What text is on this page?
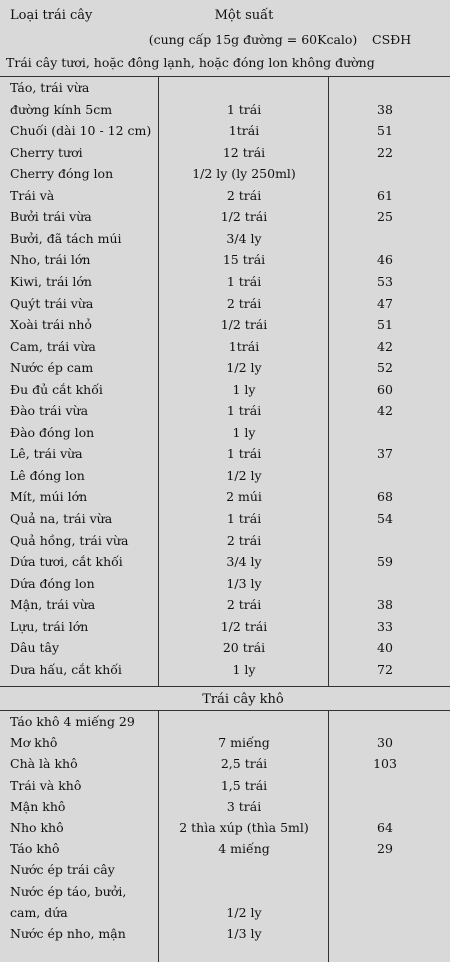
Loại trái cây	Một suất
(cung cấp 15g đường = 60Kcalo)	CSĐH
Trái cây tươi, hoặc đông lạnh, hoặc đóng lon không đường
Trái cây khô
Táo, trái vừa
đường kính 5cm	1 trái	38
Chuối (dài 10 - 12 cm)	1trái	51
Cherry tươi	12 trái	22
Cherry đóng lon	1/2 ly (ly 250ml)
Trái và	2 trái	61
Bưởi trái vừa	1/2 trái	25
Bưởi, đã tách múi	3/4 ly
Nho, trái lớn	15 trái	46
Kiwi, trái lớn	1 trái	53
Quýt trái vừa	2 trái	47
Xoài trái nhỏ	1/2 trái	51
Cam, trái vừa	1trái	42
Nước ép cam	1/2 ly	52
Đu đủ cắt khối	1 ly	60
Đào trái vừa	1 trái	42
Đào đóng lon	1 ly
Lê, trái vừa	1 trái	37
Lê đóng lon	1/2 ly
Mít, múi lớn	2 múi	68
Quả na, trái vừa	1 trái	54
Quả hồng, trái vừa	2 trái
Dứa tươi, cắt khối	3/4 ly	59
Dứa đóng lon	1/3 ly
Mận, trái vừa	2 trái	38
Lựu, trái lớn	1/2 trái	33
Dâu tây	20 trái	40
Dưa hấu, cắt khối	1 ly	72
Táo khô 4 miếng 29
Mơ khô	7 miếng	30
Chà là khô	2,5 trái	103
Trái và khô	1,5 trái
Mận khô	3 trái
Nho khô	2 thìa xúp (thìa 5ml)	64
Táo khô	4 miếng	29
Nước ép trái cây
Nước ép táo, bưởi,
cam, dứa	1/2 ly
Nước ép nho, mận	1/3 ly
